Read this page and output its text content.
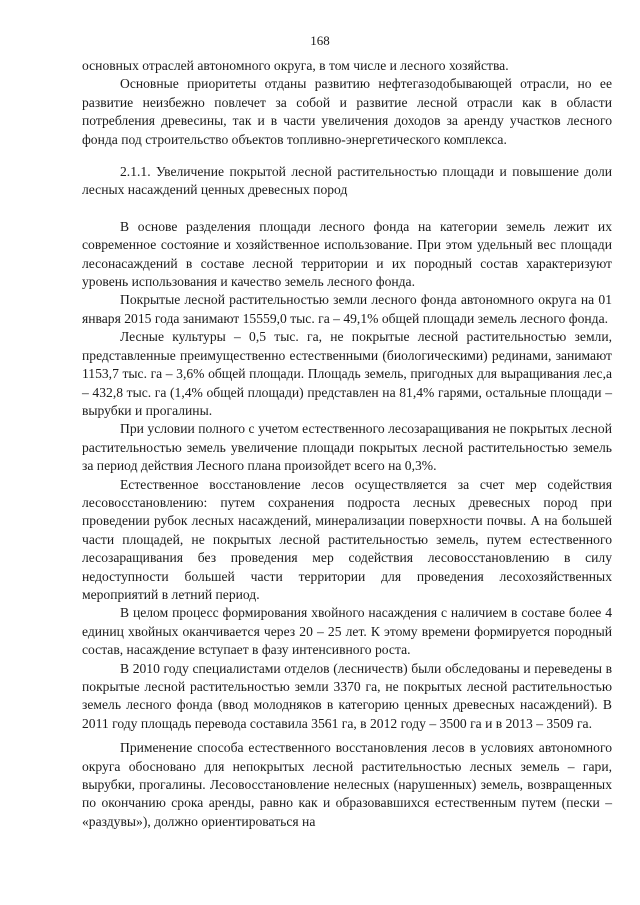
168

основных отраслей автономного округа, в том числе и лесного хозяйства.

Основные приоритеты отданы развитию нефтегазодобывающей отрасли, но ее развитие неизбежно повлечет за собой и развитие лесной отрасли как в области потребления древесины, так и в части увеличения доходов за аренду участков лесного фонда под строительство объектов топливно-энергетического комплекса.

2.1.1. Увеличение покрытой лесной растительностью площади и повышение доли лесных насаждений ценных древесных пород

В основе разделения площади лесного фонда на категории земель лежит их современное состояние и хозяйственное использование. При этом удельный вес площади лесонасаждений в составе лесной территории и их породный состав характеризуют уровень использования и качество земель лесного фонда.

Покрытые лесной растительностью земли лесного фонда автономного округа на 01 января 2015 года занимают 15559,0 тыс. га – 49,1% общей площади земель лесного фонда.

Лесные культуры – 0,5 тыс. га, не покрытые лесной растительностью земли, представленные преимущественно естественными (биологическими) рединами, занимают 1153,7 тыс. га – 3,6% общей площади. Площадь земель, пригодных для выращивания лес,а – 432,8 тыс. га (1,4% общей площади) представлен на 81,4% гарями, остальные площади – вырубки и прогалины.

При условии полного с учетом естественного лесозаращивания не покрытых лесной растительностью земель увеличение площади покрытых лесной растительностью земель за период действия Лесного плана произойдет всего на 0,3%.

Естественное восстановление лесов осуществляется за счет мер содействия лесовосстановлению: путем сохранения подроста лесных древесных пород при проведении рубок лесных насаждений, минерализации поверхности почвы. А на большей части площадей, не покрытых лесной растительностью земель, путем естественного лесозаращивания без проведения мер содействия лесовосстановлению в силу недоступности большей части территории для проведения лесохозяйственных мероприятий в летний период.

В целом процесс формирования хвойного насаждения с наличием в составе более 4 единиц хвойных оканчивается через 20 – 25 лет. К этому времени формируется породный состав, насаждение вступает в фазу интенсивного роста.

В 2010 году специалистами отделов (лесничеств) были обследованы и переведены в покрытые лесной растительностью земли 3370 га, не покрытых лесной растительностью земель лесного фонда (ввод молодняков в категорию ценных древесных насаждений). В 2011 году площадь перевода составила 3561 га, в 2012 году – 3500 га и в 2013 – 3509 га.

Применение способа естественного восстановления лесов в условиях автономного округа обосновано для непокрытых лесной растительностью лесных земель – гари, вырубки, прогалины. Лесовосстановление нелесных (нарушенных) земель, возвращенных по окончанию срока аренды, равно как и образовавшихся естественным путем (пески – «раздувы»), должно ориентироваться на
